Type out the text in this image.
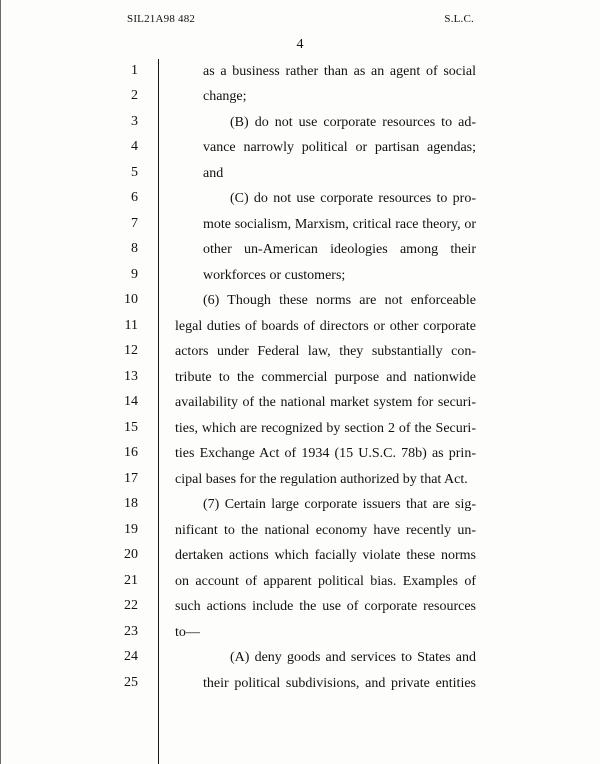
SIL21A98 482	S.L.C.
4
1	as a business rather than as an agent of social
2	change;
3	(B) do not use corporate resources to ad-
4	vance narrowly political or partisan agendas;
5	and
6	(C) do not use corporate resources to pro-
7	mote socialism, Marxism, critical race theory, or
8	other un-American ideologies among their
9	workforces or customers;
10	(6) Though these norms are not enforceable
11	legal duties of boards of directors or other corporate
12	actors under Federal law, they substantially con-
13	tribute to the commercial purpose and nationwide
14	availability of the national market system for securi-
15	ties, which are recognized by section 2 of the Securi-
16	ties Exchange Act of 1934 (15 U.S.C. 78b) as prin-
17	cipal bases for the regulation authorized by that Act.
18	(7) Certain large corporate issuers that are sig-
19	nificant to the national economy have recently un-
20	dertaken actions which facially violate these norms
21	on account of apparent political bias. Examples of
22	such actions include the use of corporate resources
23	to—
24	(A) deny goods and services to States and
25	their political subdivisions, and private entities
